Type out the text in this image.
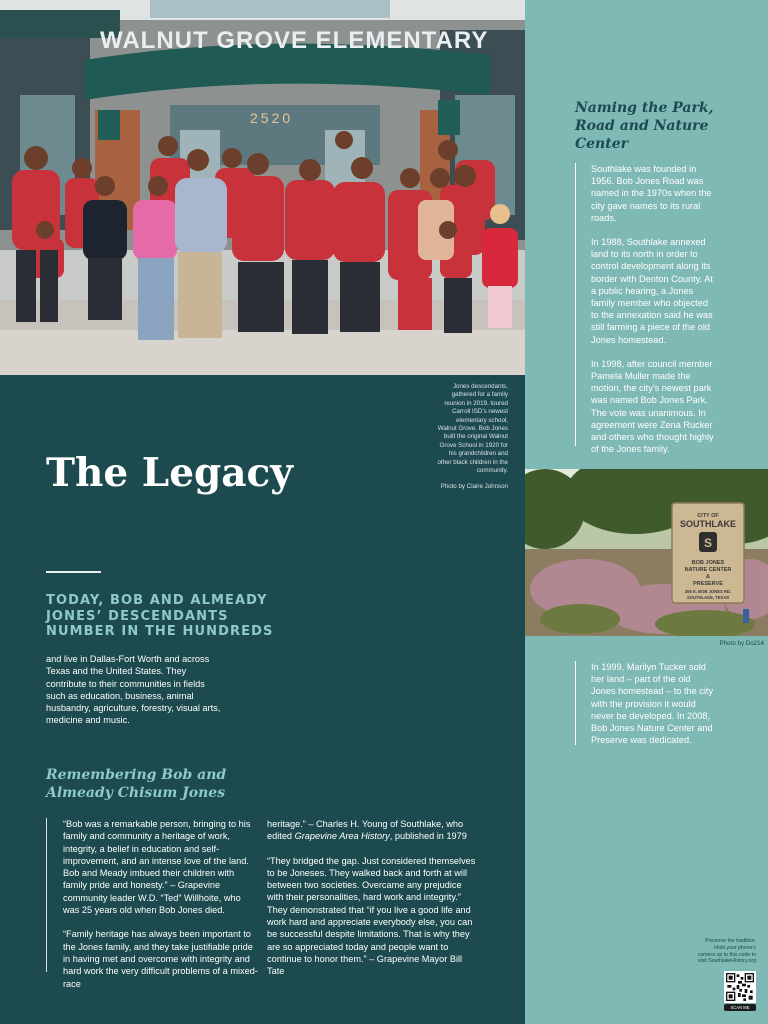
WALNUT GROVE ELEMENTARY
2520

Jones descendants, gathered for a family reunion in 2019, toured Carroll ISD’s newest elementary school, Walnut Grove. Bob Jones built the original Walnut Grove School in 1920 for his grandchildren and other black children in the community.

Photo by Claire Johnson

The Legacy
TODAY, BOB AND ALMEADY JONES’ DESCENDANTS NUMBER IN THE HUNDREDS

and live in Dallas-Fort Worth and across Texas and the United States. They contribute to their communities in fields such as education, business, animal husbandry, agriculture, forestry, visual arts, medicine and music.

Remembering Bob and Almeady Chisum Jones

“Bob was a remarkable person, bringing to his family and community a heritage of work, integrity, a belief in education and self-improvement, and an intense love of the land. Bob and Meady imbued their children with family pride and honesty.” – Grapevine community leader W.D. “Ted” Willhoite, who was 25 years old when Bob Jones died.

“Family heritage has always been important to the Jones family, and they take justifiable pride in having met and overcome with integrity and hard work the very difficult problems of a mixed-race

heritage.” – Charles H. Young of Southlake, who edited Grapevine Area History, published in 1979

“They bridged the gap. Just considered themselves to be Joneses. They walked back and forth at will between two societies. Overcame any prejudice with their personalities, hard work and integrity.” They demonstrated that “if you live a good life and work hard and appreciate everybody else, you can be successful despite limitations. That is why they are so appreciated today and people want to continue to honor them.” – Grapevine Mayor Bill Tate

Naming the Park, Road and Nature Center

Southlake was founded in 1956. Bob Jones Road was named in the 1970s when the city gave names to its rural roads.

In 1988, Southlake annexed land to its north in order to control development along its border with Denton County. At a public hearing, a Jones family member who objected to the annexation said he was still farming a piece of the old Jones homestead.

In 1998, after council member Pamela Muller made the motion, the city’s newest park was named Bob Jones Park. The vote was unanimous. In agreement were Zena Rucker and others who thought highly of the Jones family.

CITY OF
SOUTHLAKE
S
BOB JONES
NATURE CENTER
&
PRESERVE
355 E. BOB JONES RD.
SOUTHLAKE, TEXAS
Photo by Do214

In 1999, Marilyn Tucker sold her land – part of the old Jones homestead – to the city with the provision it would never be developed. In 2008, Bob Jones Nature Center and Preserve was dedicated.

Preserve the tradition. Hold your phone’s camera up to this code to visit SouthlakeHistory.org
SCAN ME
